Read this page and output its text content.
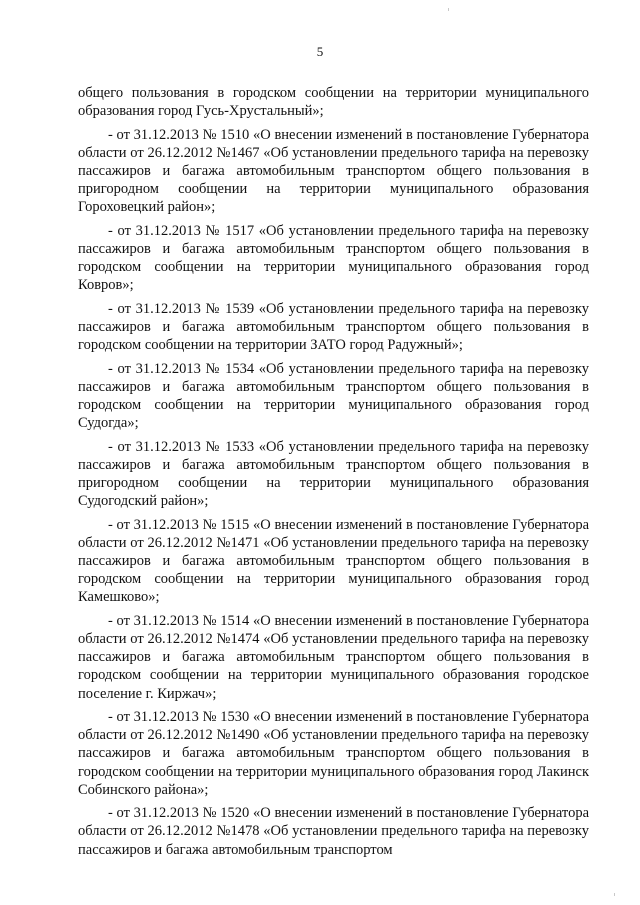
5

общего пользования в городском сообщении на территории муниципального образования город Гусь-Хрустальный»;

- от 31.12.2013 № 1510 «О внесении изменений в постановление Губернатора области от 26.12.2012 №1467 «Об установлении предельного тарифа на перевозку пассажиров и багажа автомобильным транспортом общего пользования в пригородном сообщении на территории муниципального образования Гороховецкий район»;

- от 31.12.2013 № 1517 «Об установлении предельного тарифа на перевозку пассажиров и багажа автомобильным транспортом общего пользования в городском сообщении на территории муниципального образования город Ковров»;

- от 31.12.2013 № 1539 «Об установлении предельного тарифа на перевозку пассажиров и багажа автомобильным транспортом общего пользования в городском сообщении на территории ЗАТО город Радужный»;

- от 31.12.2013 № 1534 «Об установлении предельного тарифа на перевозку пассажиров и багажа автомобильным транспортом общего пользования в городском сообщении на территории муниципального образования город Судогда»;

- от 31.12.2013 № 1533 «Об установлении предельного тарифа на перевозку пассажиров и багажа автомобильным транспортом общего пользования в пригородном сообщении на территории муниципального образования Судогодский район»;

- от 31.12.2013 № 1515 «О внесении изменений в постановление Губернатора области от 26.12.2012 №1471 «Об установлении предельного тарифа на перевозку пассажиров и багажа автомобильным транспортом общего пользования в городском сообщении на территории муниципального образования город Камешково»;

- от 31.12.2013 № 1514 «О внесении изменений в постановление Губернатора области от 26.12.2012 №1474 «Об установлении предельного тарифа на перевозку пассажиров и багажа автомобильным транспортом общего пользования в городском сообщении на территории муниципального образования городское поселение г. Киржач»;

- от 31.12.2013 № 1530 «О внесении изменений в постановление Губернатора области от 26.12.2012 №1490 «Об установлении предельного тарифа на перевозку пассажиров и багажа автомобильным транспортом общего пользования в городском сообщении на территории муниципального образования город Лакинск Собинского района»;

- от 31.12.2013 № 1520 «О внесении изменений в постановление Губернатора области от 26.12.2012 №1478 «Об установлении предельного тарифа на перевозку пассажиров и багажа автомобильным транспортом
